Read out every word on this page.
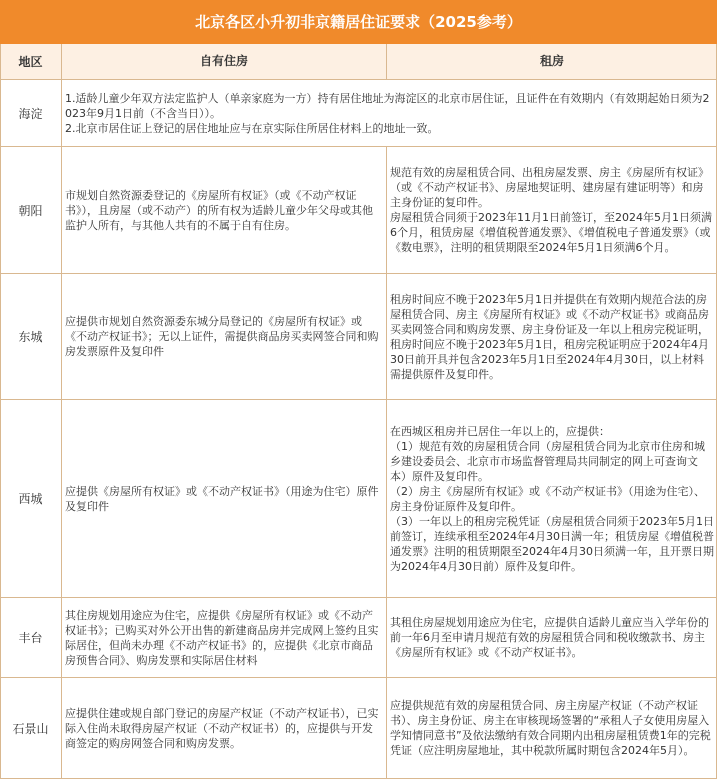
北京各区小升初非京籍居住证要求（2025参考）
地区	自有住房	租房
海淀
1.适龄儿童少年双方法定监护人（单亲家庭为一方）持有居住地址为海淀区的北京市居住证，且证件在有效期内（有效期起始日须为2023年9月1日前（不含当日））。
2.北京市居住证上登记的居住地址应与在京实际住所居住材料上的地址一致。
朝阳
市规划自然资源委登记的《房屋所有权证》（或《不动产权证书》），且房屋（或不动产）的所有权为适龄儿童少年父母或其他监护人所有，与其他人共有的不属于自有住房。
规范有效的房屋租赁合同、出租房屋发票、房主《房屋所有权证》（或《不动产权证书》、房屋地契证明、建房屋有建证明等）和房主身份证的复印件。
房屋租赁合同须于2023年11月1日前签订，至2024年5月1日须满6个月，租赁房屋《增值税普通发票》、《增值税电子普通发票》（或《数电票》，注明的租赁期限至2024年5月1日须满6个月。
东城
应提供市规划自然资源委东城分局登记的《房屋所有权证》或《不动产权证书》；无以上证件，需提供商品房买卖网签合同和购房发票原件及复印件
租房时间应不晚于2023年5月1日并提供在有效期内规范合法的房屋租赁合同、房主《房屋所有权证》或《不动产权证书》或商品房买卖网签合同和购房发票、房主身份证及一年以上租房完税证明，租房时间应不晚于2023年5月1日，租房完税证明应于2024年4月30日前开具并包含2023年5月1日至2024年4月30日，以上材料需提供原件及复印件。
西城
应提供《房屋所有权证》或《不动产权证书》（用途为住宅）原件及复印件
在西城区租房并已居住一年以上的，应提供：
（1）规范有效的房屋租赁合同（房屋租赁合同为北京市住房和城乡建设委员会、北京市市场监督管理局共同制定的网上可查询文本）原件及复印件。
（2）房主《房屋所有权证》或《不动产权证书》（用途为住宅）、房主身份证原件及复印件。
（3）一年以上的租房完税凭证（房屋租赁合同须于2023年5月1日前签订，连续承租至2024年4月30日满一年；租赁房屋《增值税普通发票》注明的租赁期限至2024年4月30日须满一年，且开票日期为2024年4月30日前）原件及复印件。
丰台
其住房规划用途应为住宅，应提供《房屋所有权证》或《不动产权证书》；已购买对外公开出售的新建商品房并完成网上签约且实际居住，但尚未办理《不动产权证书》的，应提供《北京市商品房预售合同》、购房发票和实际居住材料
其租住房屋规划用途应为住宅，应提供自适龄儿童应当入学年份的前一年6月至申请月规范有效的房屋租赁合同和税收缴款书、房主《房屋所有权证》或《不动产权证书》。
石景山
应提供住建或规自部门登记的房屋产权证（不动产权证书），已实际入住尚未取得房屋产权证（不动产权证书）的，应提供与开发商签定的购房网签合同和购房发票。
应提供规范有效的房屋租赁合同、房主房屋产权证（不动产权证书）、房主身份证、房主在审核现场签署的“承租人子女使用房屋入学知情同意书”及依法缴纳有效合同期内出租房屋租赁费1年的完税凭证（应注明房屋地址，其中税款所属时期包含2024年5月）。
